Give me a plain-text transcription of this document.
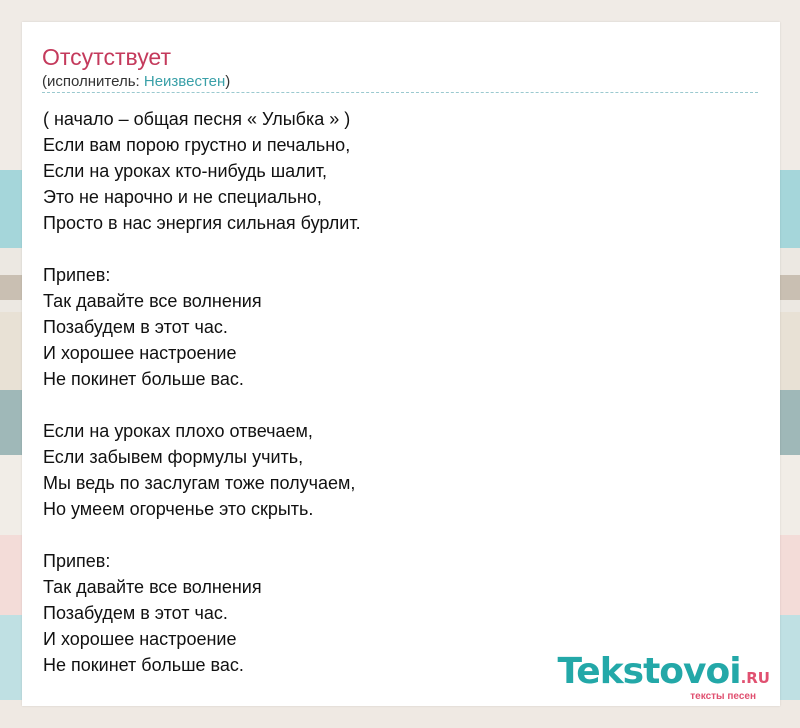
Отсутствует
(исполнитель: Неизвестен)
( начало – общая песня « Улыбка » )
Если вам порою грустно и печально,
Если на уроках кто-нибудь шалит,
Это не нарочно и не специально,
Просто в нас энергия сильная бурлит.
Припев:
Так давайте все волнения
Позабудем в этот час.
И хорошее настроение
Не покинет больше вас.
Если на уроках плохо отвечаем,
Если забывем формулы учить,
Мы ведь по заслугам тоже получаем,
Но умеем огорченье это скрыть.
Припев:
Так давайте все волнения
Позабудем в этот час.
И хорошее настроение
Не покинет больше вас.	Tekstovoi.RU
тексты песен
